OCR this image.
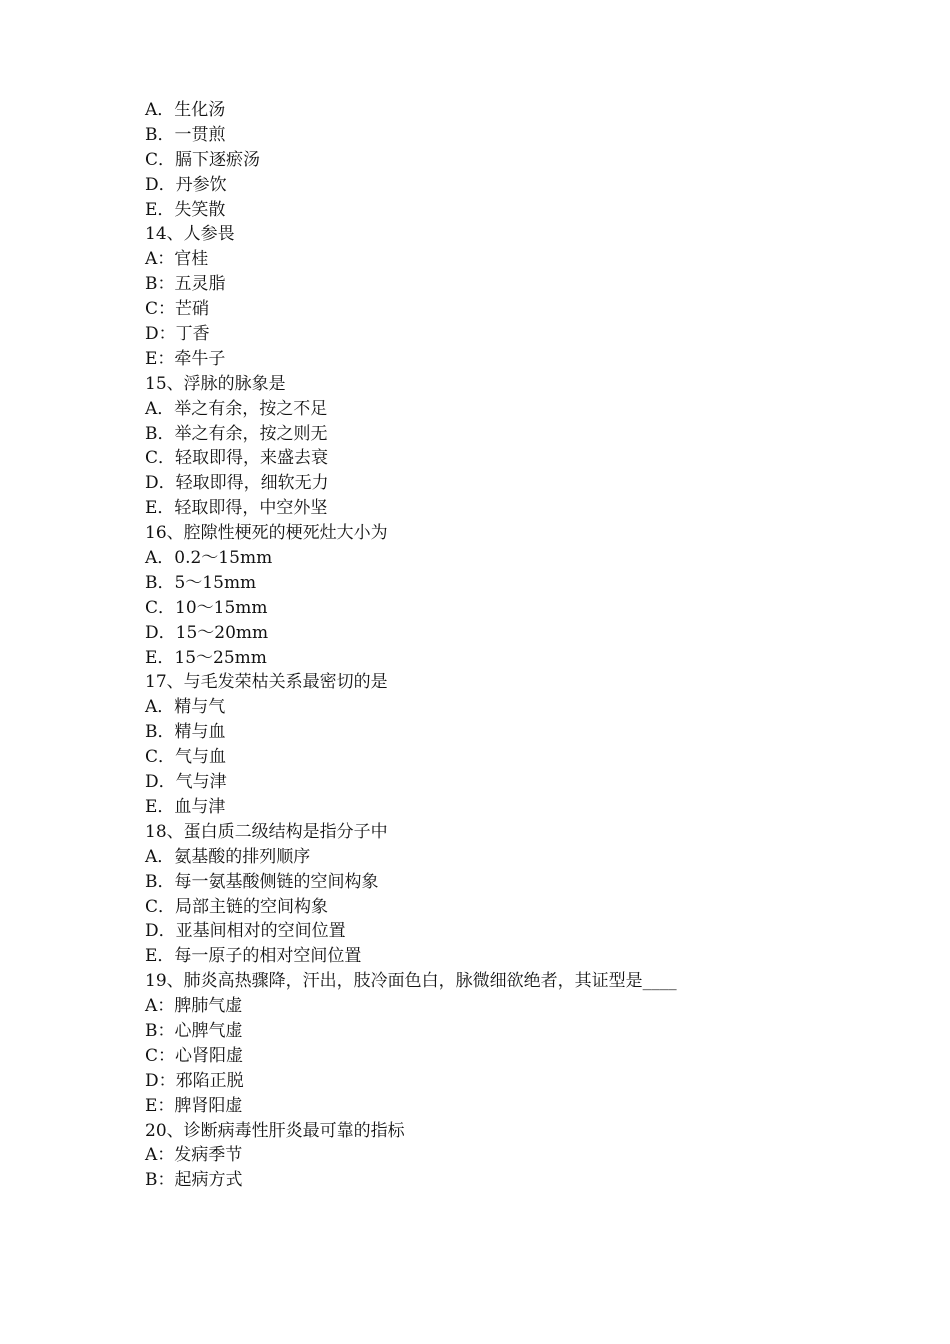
A．生化汤
B．一贯煎
C．膈下逐瘀汤
D．丹参饮
E．失笑散
14、人参畏
A：官桂
B：五灵脂
C：芒硝
D：丁香
E：牵牛子
15、浮脉的脉象是
A．举之有余，按之不足
B．举之有余，按之则无
C．轻取即得，来盛去衰
D．轻取即得，细软无力
E．轻取即得，中空外坚
16、腔隙性梗死的梗死灶大小为
A．0.2～15mm
B．5～15mm
C．10～15mm
D．15～20mm
E．15～25mm
17、与毛发荣枯关系最密切的是
A．精与气
B．精与血
C．气与血
D．气与津
E．血与津
18、蛋白质二级结构是指分子中
A．氨基酸的排列顺序
B．每一氨基酸侧链的空间构象
C．局部主链的空间构象
D．亚基间相对的空间位置
E．每一原子的相对空间位置
19、肺炎高热骤降，汗出，肢冷面色白，脉微细欲绝者，其证型是____
A：脾肺气虚
B：心脾气虚
C：心肾阳虚
D：邪陷正脱
E：脾肾阳虚
20、诊断病毒性肝炎最可靠的指标
A：发病季节
B：起病方式
